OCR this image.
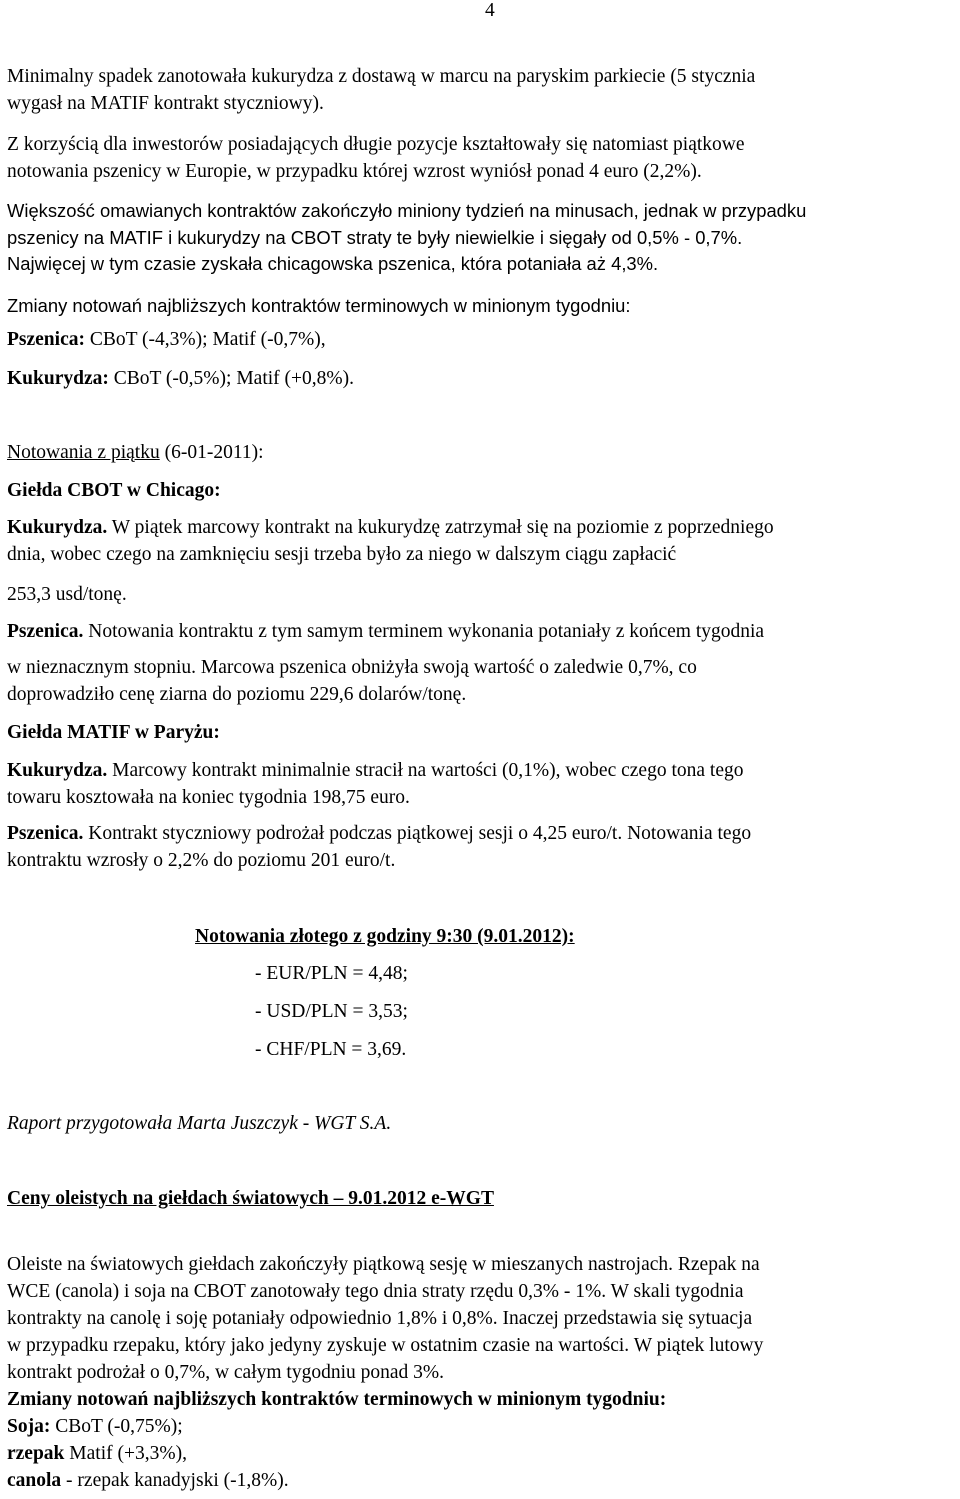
4

Minimalny spadek zanotowała kukurydza z dostawą w marcu na paryskim parkiecie (5 stycznia

wygasł na MATIF kontrakt styczniowy).

Z korzyścią dla inwestorów posiadających długie pozycje kształtowały się natomiast piątkowe

notowania pszenicy w Europie, w przypadku której wzrost wyniósł ponad 4 euro (2,2%).

Większość omawianych kontraktów zakończyło miniony tydzień na minusach, jednak w przypadku

pszenicy na MATIF i kukurydzy na CBOT straty te były niewielkie i sięgały od 0,5% - 0,7%.

Najwięcej w tym czasie zyskała chicagowska pszenica, która potaniała aż 4,3%.

Zmiany notowań najbliższych kontraktów terminowych w minionym tygodniu:

Pszenica: CBoT (-4,3%); Matif (-0,7%),

Kukurydza: CBoT (-0,5%); Matif (+0,8%).

Notowania z piątku (6-01-2011):

Giełda CBOT w Chicago:

Kukurydza. W piątek marcowy kontrakt na kukurydzę zatrzymał się na poziomie z poprzedniego

dnia, wobec czego na zamknięciu sesji trzeba było za niego w dalszym ciągu zapłacić

253,3 usd/tonę.

Pszenica. Notowania kontraktu z tym samym terminem wykonania potaniały z końcem tygodnia

w nieznacznym stopniu. Marcowa pszenica obniżyła swoją wartość o zaledwie 0,7%, co

doprowadziło cenę ziarna do poziomu 229,6 dolarów/tonę.

Giełda MATIF w Paryżu:

Kukurydza. Marcowy kontrakt minimalnie stracił na wartości (0,1%), wobec czego tona tego

towaru kosztowała na koniec tygodnia 198,75 euro.

Pszenica. Kontrakt styczniowy podrożał podczas piątkowej sesji o 4,25 euro/t. Notowania tego

kontraktu wzrosły o 2,2% do poziomu 201 euro/t.

Notowania złotego z godziny 9:30 (9.01.2012):

- EUR/PLN = 4,48;

- USD/PLN = 3,53;

- CHF/PLN = 3,69.

Raport przygotowała Marta Juszczyk - WGT S.A.

Ceny oleistych na giełdach światowych – 9.01.2012 e-WGT

Oleiste na światowych giełdach zakończyły piątkową sesję w mieszanych nastrojach. Rzepak na

WCE (canola) i soja na CBOT zanotowały tego dnia straty rzędu 0,3% - 1%. W skali tygodnia

kontrakty na canolę i soję potaniały odpowiednio 1,8% i 0,8%. Inaczej przedstawia się sytuacja

w przypadku rzepaku, który jako jedyny zyskuje w ostatnim czasie na wartości. W piątek lutowy

kontrakt podrożał o 0,7%, w całym tygodniu ponad 3%.

Zmiany notowań najbliższych kontraktów terminowych w minionym tygodniu:

Soja: CBoT (-0,75%);

rzepak Matif (+3,3%),

canola - rzepak kanadyjski (-1,8%).
